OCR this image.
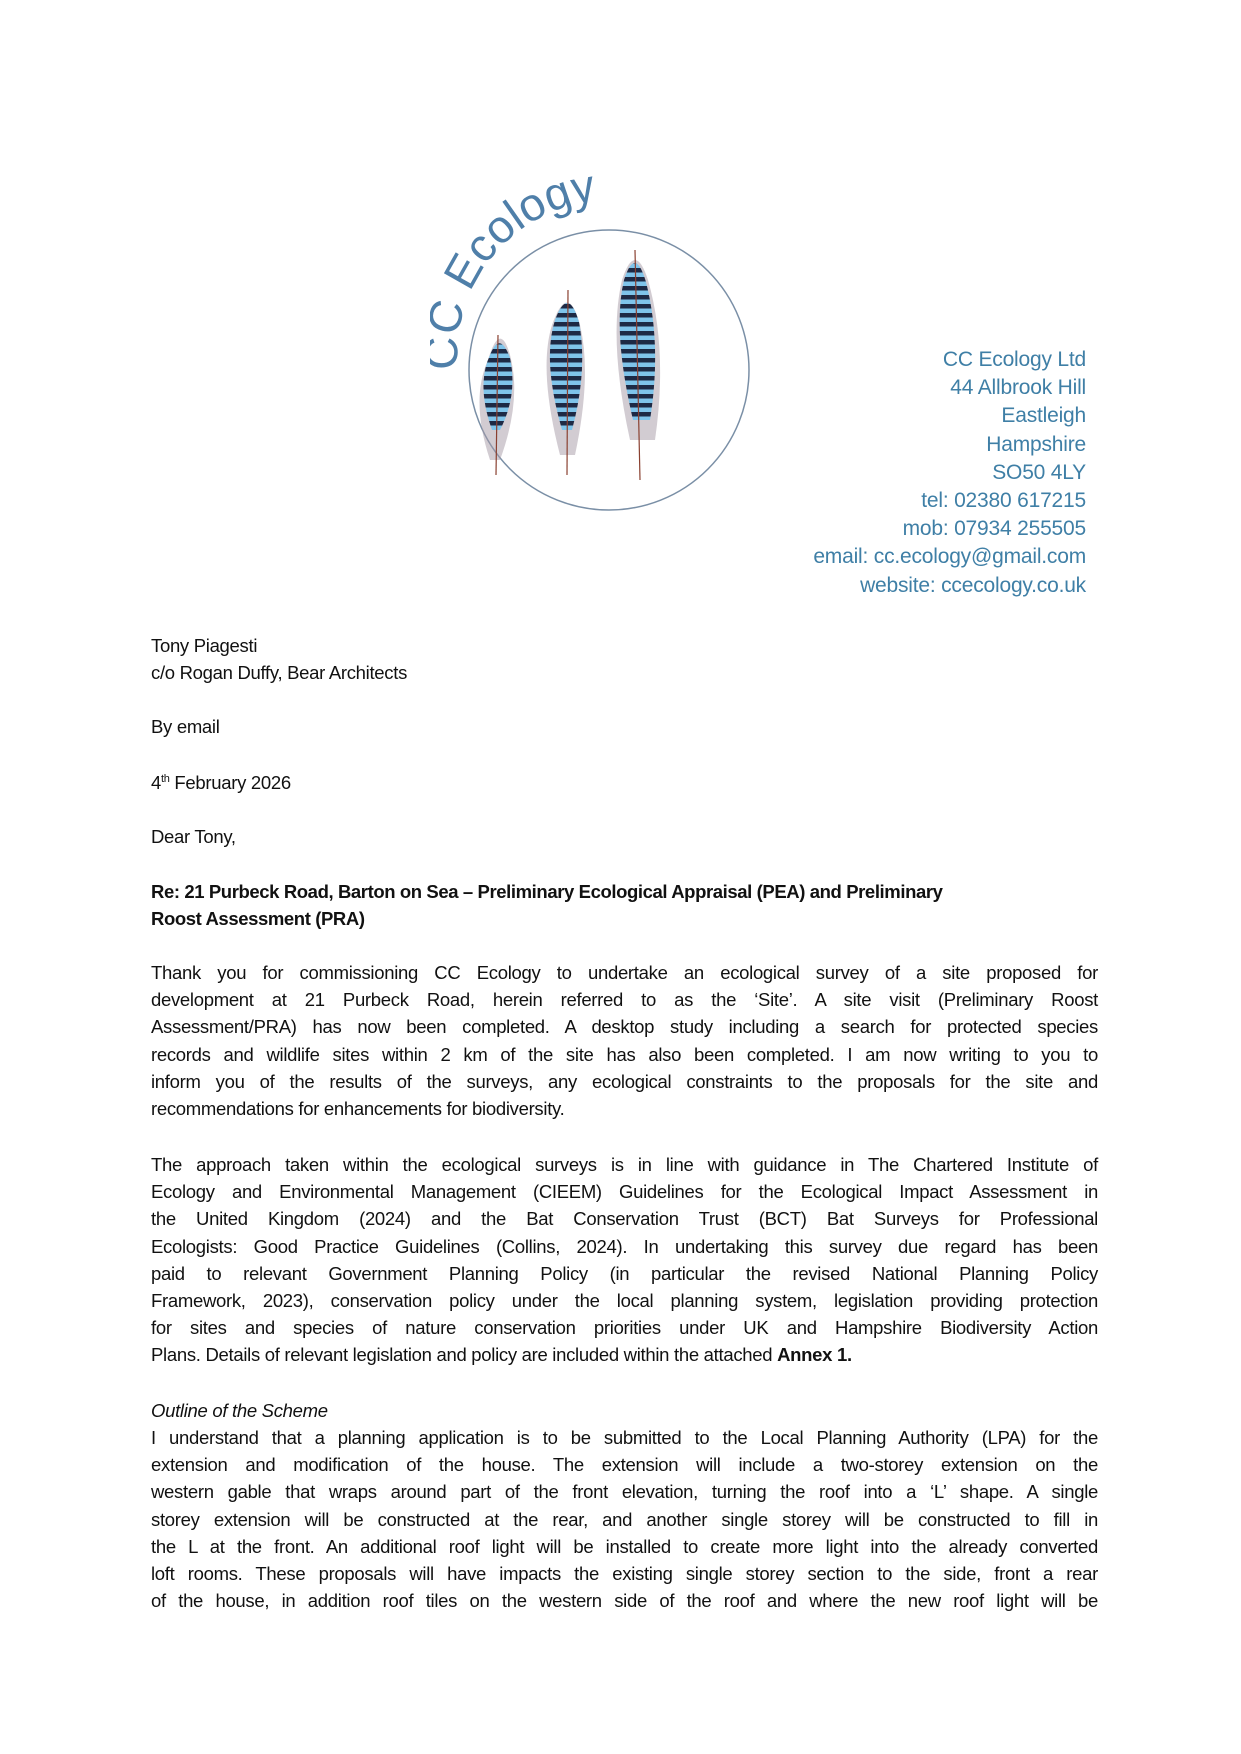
Ecology
CC Ecology Ltd
44 Allbrook Hill
Eastleigh
Hampshire
SO50 4LY
tel: 02380 617215
mob: 07934 255505
email: cc.ecology@gmail.com
website: ccecology.co.uk
Tony Piagesti
c/o Rogan Duffy, Bear Architects
By email
4th February 2026
Dear Tony,
Re: 21 Purbeck Road, Barton on Sea – Preliminary Ecological Appraisal (PEA) and Preliminary
Roost Assessment (PRA)
Thank you for commissioning CC Ecology to undertake an ecological survey of a site proposed for
development at 21 Purbeck Road, herein referred to as the ‘Site’. A site visit (Preliminary Roost
Assessment/PRA) has now been completed. A desktop study including a search for protected species
records and wildlife sites within 2 km of the site has also been completed. I am now writing to you to
inform you of the results of the surveys, any ecological constraints to the proposals for the site and
recommendations for enhancements for biodiversity.
The approach taken within the ecological surveys is in line with guidance in The Chartered Institute of
Ecology and Environmental Management (CIEEM) Guidelines for the Ecological Impact Assessment in
the United Kingdom (2024) and the Bat Conservation Trust (BCT) Bat Surveys for Professional
Ecologists: Good Practice Guidelines (Collins, 2024). In undertaking this survey due regard has been
paid to relevant Government Planning Policy (in particular the revised National Planning Policy
Framework, 2023), conservation policy under the local planning system, legislation providing protection
for sites and species of nature conservation priorities under UK and Hampshire Biodiversity Action
Plans. Details of relevant legislation and policy are included within the attached Annex 1.
Outline of the Scheme
I understand that a planning application is to be submitted to the Local Planning Authority (LPA) for the
extension and modification of the house. The extension will include a two-storey extension on the
western gable that wraps around part of the front elevation, turning the roof into a ‘L’ shape. A single
storey extension will be constructed at the rear, and another single storey will be constructed to fill in
the L at the front. An additional roof light will be installed to create more light into the already converted
loft rooms. These proposals will have impacts the existing single storey section to the side, front a rear
of the house, in addition roof tiles on the western side of the roof and where the new roof light will be
